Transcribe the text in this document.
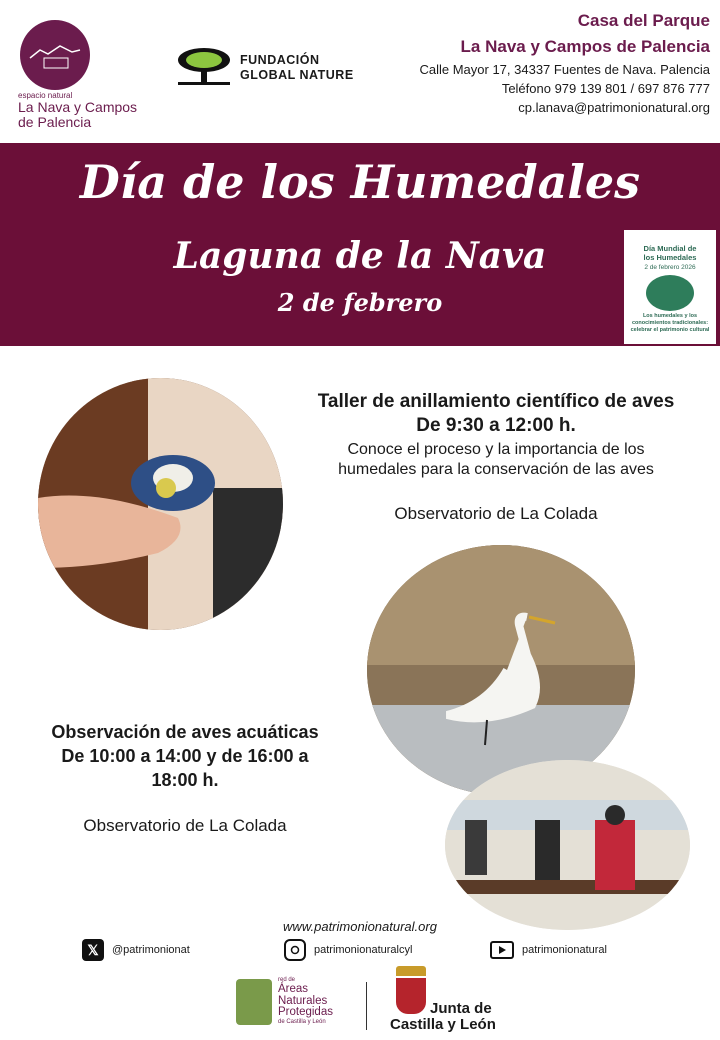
espacio natural
La Nava y Campos
de Palencia
FUNDACIÓN
GLOBAL NATURE
Casa del Parque
La Nava y Campos de Palencia
Calle Mayor 17, 34337 Fuentes de Nava. Palencia
Teléfono 979 139 801 / 697 876 777
cp.lanava@patrimonionatural.org
Día de los Humedales
Laguna de la Nava
2 de febrero
Día Mundial de
los Humedales
2 de febrero 2026
Los humedales y los conocimientos tradicionales: celebrar el patrimonio cultural
Taller de anillamiento científico de aves
De 9:30 a 12:00 h.
Conoce el proceso y la importancia de los
humedales para la conservación de las aves
Observatorio de La Colada
Observación de aves acuáticas
De 10:00 a 14:00 y de 16:00 a
18:00 h.
Observatorio de La Colada
www.patrimonionatural.org
𝕏	@patrimonionat	patrimonionaturalcyl	patrimonionatural
red de
Áreas
Naturales
Protegidas
de Castilla y León
Junta de
Castilla y León
